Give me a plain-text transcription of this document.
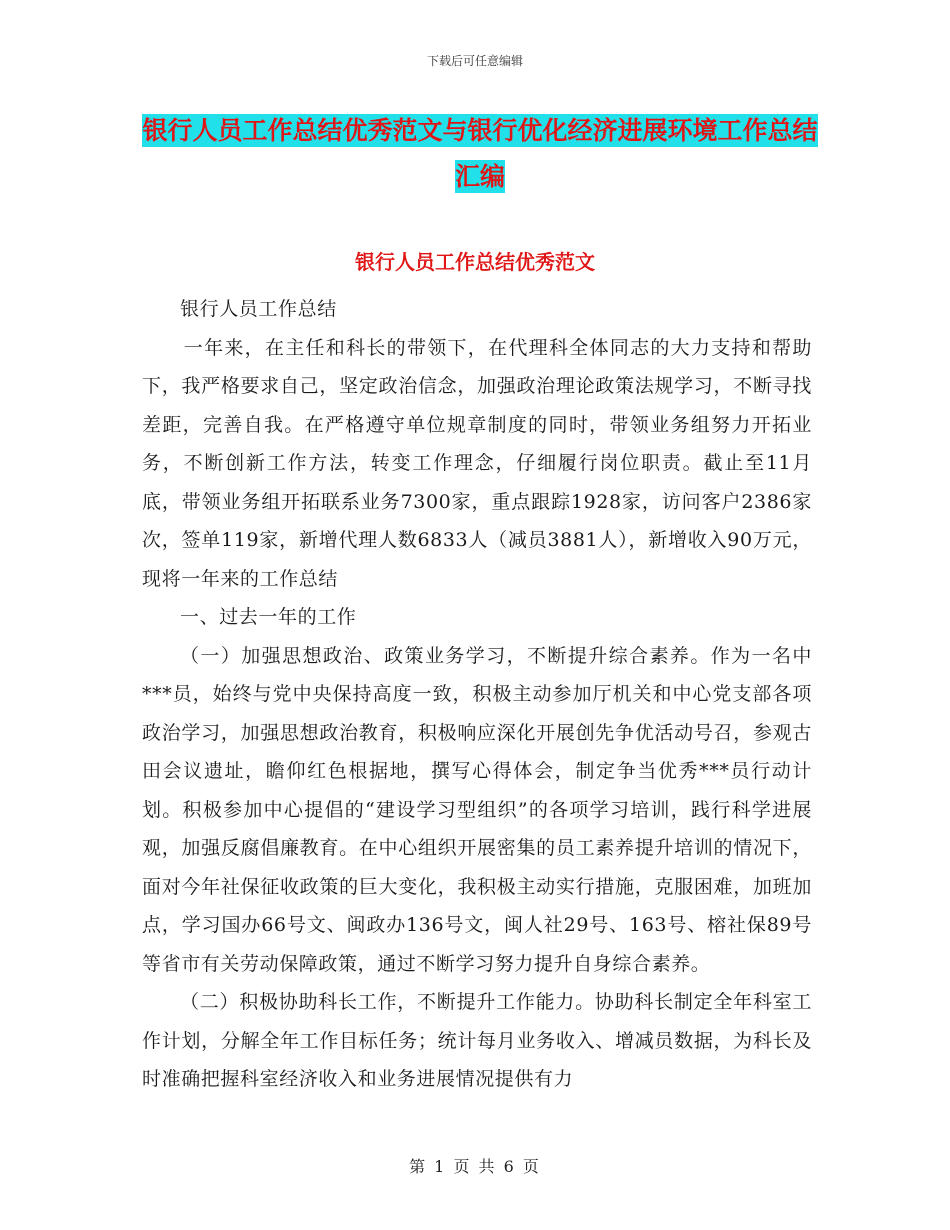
下载后可任意编辑
银行人员工作总结优秀范文与银行优化经济进展环境工作总结汇编
银行人员工作总结优秀范文

银行人员工作总结

一年来，在主任和科长的带领下，在代理科全体同志的大力支持和帮助下，我严格要求自己，坚定政治信念，加强政治理论政策法规学习，不断寻找差距，完善自我。在严格遵守单位规章制度的同时，带领业务组努力开拓业务，不断创新工作方法，转变工作理念，仔细履行岗位职责。截止至11月底，带领业务组开拓联系业务7300家，重点跟踪1928家，访问客户2386家次，签单119家，新增代理人数6833人（减员3881人），新增收入90万元，现将一年来的工作总结

一、过去一年的工作

（一）加强思想政治、政策业务学习，不断提升综合素养。作为一名中***员，始终与党中央保持高度一致，积极主动参加厅机关和中心党支部各项政治学习，加强思想政治教育，积极响应深化开展创先争优活动号召，参观古田会议遗址，瞻仰红色根据地，撰写心得体会，制定争当优秀***员行动计划。积极参加中心提倡的“建设学习型组织”的各项学习培训，践行科学进展观，加强反腐倡廉教育。在中心组织开展密集的员工素养提升培训的情况下，面对今年社保征收政策的巨大变化，我积极主动实行措施，克服困难，加班加点，学习国办66号文、闽政办136号文，闽人社29号、163号、榕社保89号等省市有关劳动保障政策，通过不断学习努力提升自身综合素养。

（二）积极协助科长工作，不断提升工作能力。协助科长制定全年科室工作计划，分解全年工作目标任务；统计每月业务收入、增减员数据，为科长及时准确把握科室经济收入和业务进展情况提供有力

第 1 页 共 6 页
